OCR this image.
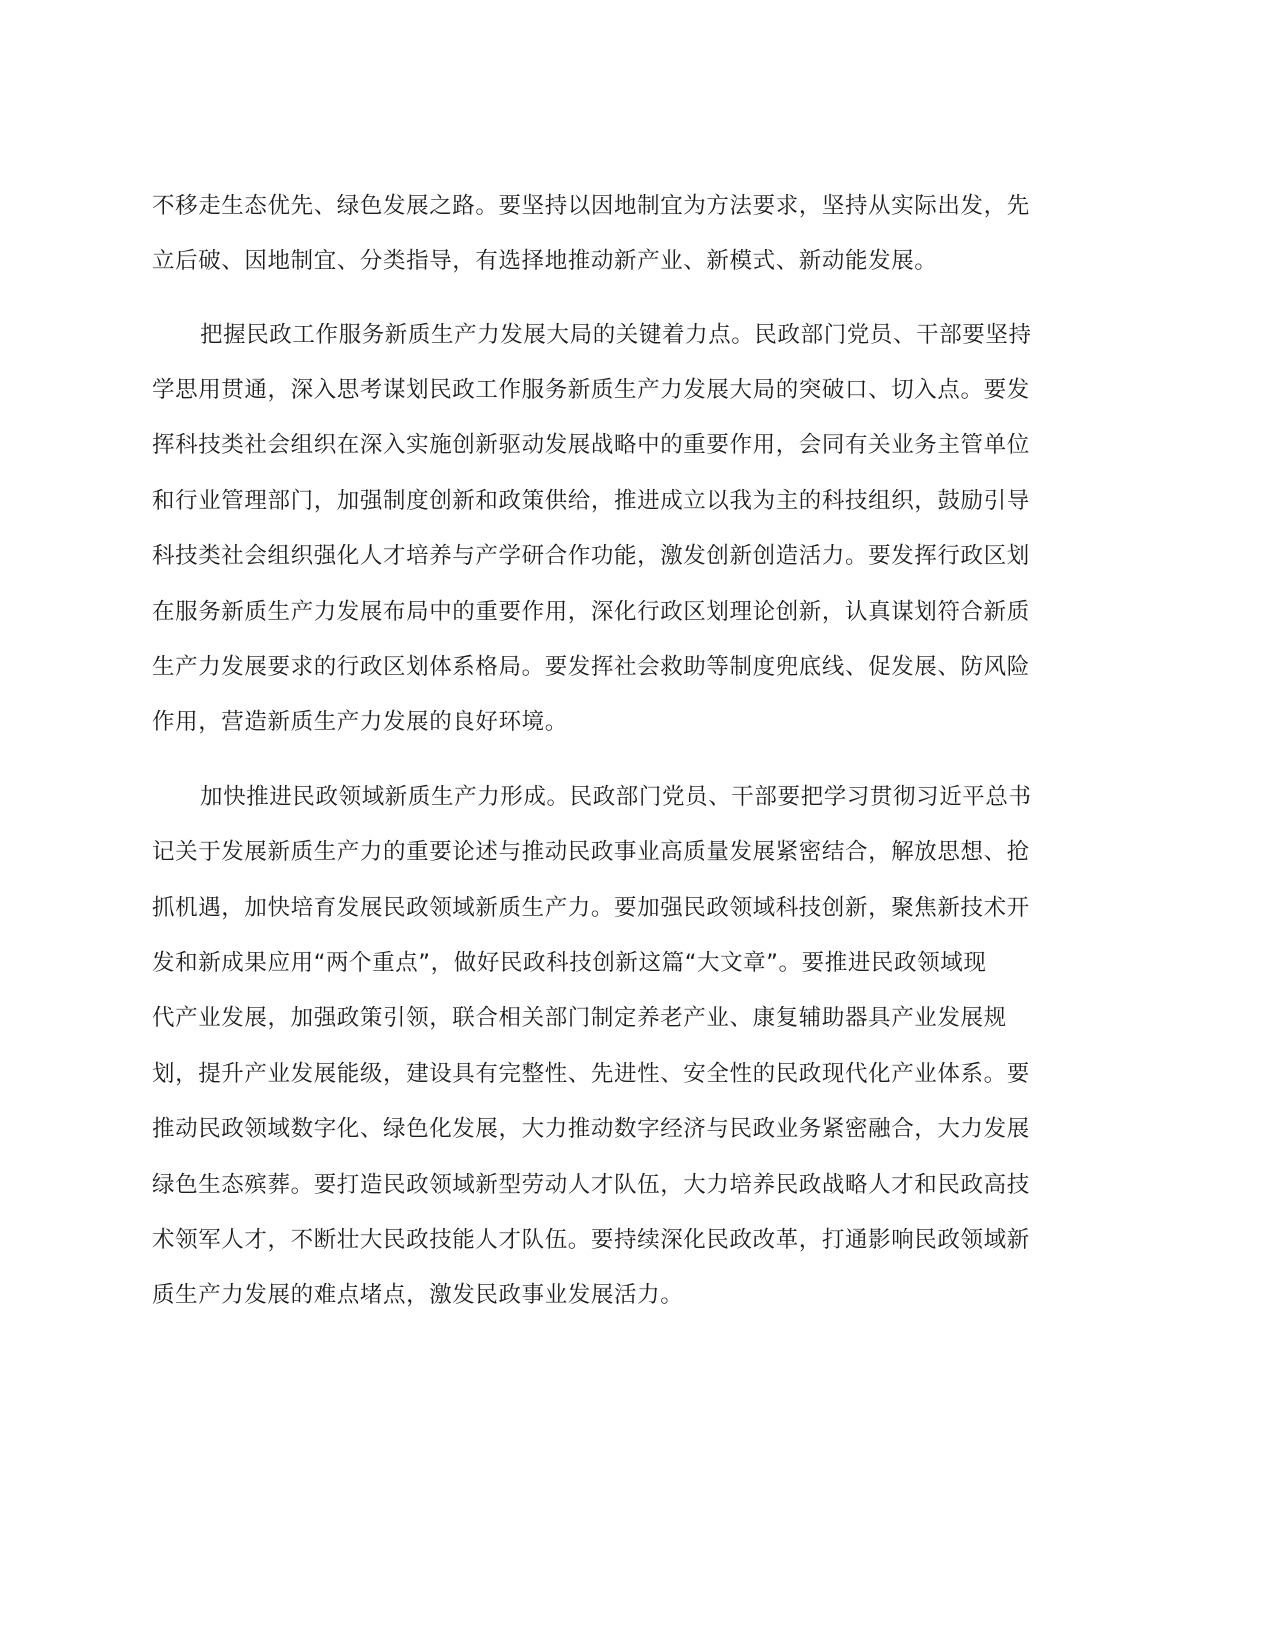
不移走生态优先、绿色发展之路。要坚持以因地制宜为方法要求，坚持从实际出发，先
立后破、因地制宜、分类指导，有选择地推动新产业、新模式、新动能发展。
把握民政工作服务新质生产力发展大局的关键着力点。民政部门党员、干部要坚持
学思用贯通，深入思考谋划民政工作服务新质生产力发展大局的突破口、切入点。要发
挥科技类社会组织在深入实施创新驱动发展战略中的重要作用，会同有关业务主管单位
和行业管理部门，加强制度创新和政策供给，推进成立以我为主的科技组织，鼓励引导
科技类社会组织强化人才培养与产学研合作功能，激发创新创造活力。要发挥行政区划
在服务新质生产力发展布局中的重要作用，深化行政区划理论创新，认真谋划符合新质
生产力发展要求的行政区划体系格局。要发挥社会救助等制度兜底线、促发展、防风险
作用，营造新质生产力发展的良好环境。
加快推进民政领域新质生产力形成。民政部门党员、干部要把学习贯彻习近平总书
记关于发展新质生产力的重要论述与推动民政事业高质量发展紧密结合，解放思想、抢
抓机遇，加快培育发展民政领域新质生产力。要加强民政领域科技创新，聚焦新技术开
发和新成果应用“两个重点”，做好民政科技创新这篇“大文章”。要推进民政领域现
代产业发展，加强政策引领，联合相关部门制定养老产业、康复辅助器具产业发展规
划，提升产业发展能级，建设具有完整性、先进性、安全性的民政现代化产业体系。要
推动民政领域数字化、绿色化发展，大力推动数字经济与民政业务紧密融合，大力发展
绿色生态殡葬。要打造民政领域新型劳动人才队伍，大力培养民政战略人才和民政高技
术领军人才，不断壮大民政技能人才队伍。要持续深化民政改革，打通影响民政领域新
质生产力发展的难点堵点，激发民政事业发展活力。
